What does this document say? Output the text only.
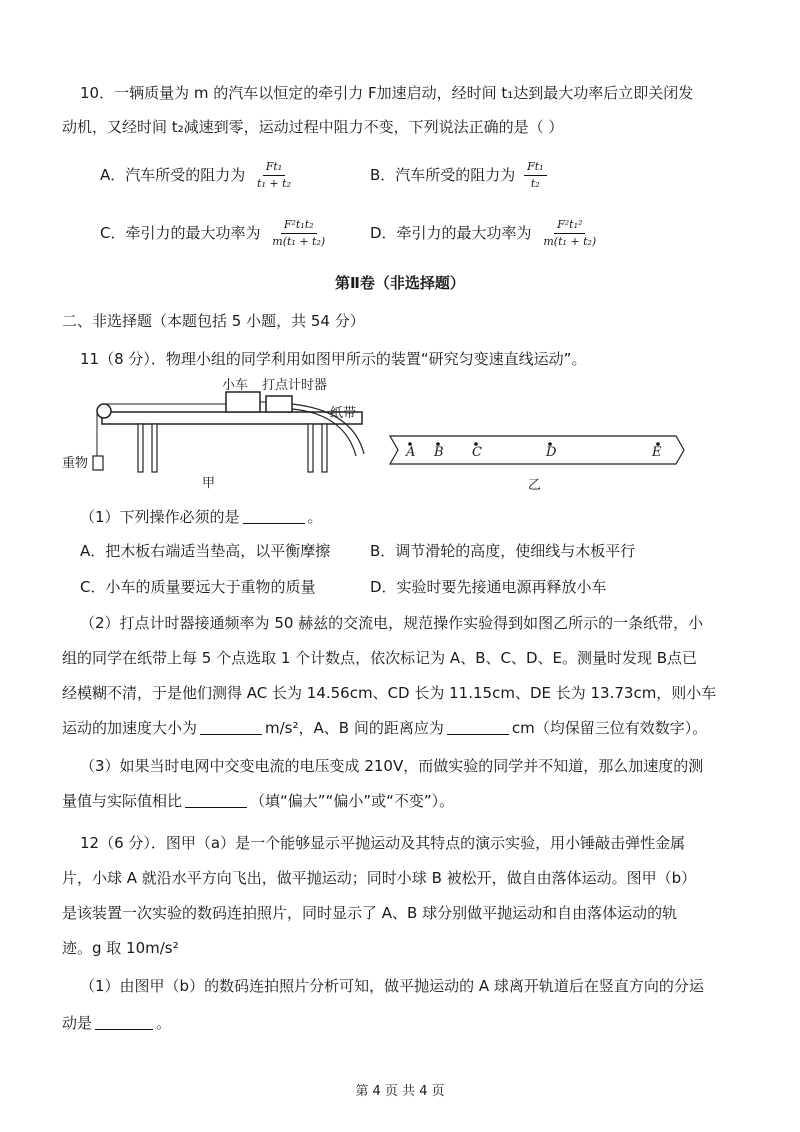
10．一辆质量为 m 的汽车以恒定的牵引力 F加速启动，经时间 t₁达到最大功率后立即关闭发
动机，又经时间 t₂减速到零，运动过程中阻力不变，下列说法正确的是（ ）
A．汽车所受的阻力为 $\frac{\text{Ft₁}}{\text{t₁ + t₂}}$	B．汽车所受的阻力为 $\frac{\text{Ft₁}}{\text{t₂}}$
C．牵引力的最大功率为 $\frac{\text{F²t₁t₂}}{\text{m(t₁ + t₂)}}$	D．牵引力的最大功率为 $\frac{\text{F²t₁²}}{\text{m(t₁ + t₂)}}$
第Ⅱ卷（非选择题）
二、非选择题（本题包括 5 小题，共 54 分）
11（8 分）．物理小组的同学利用如图甲所示的装置“研究匀变速直线运动”。
小车 打点计时器
纸带
重物
甲
A B C	D	E
乙
（1）下列操作必须的是	。
A．把木板右端适当垫高，以平衡摩擦	B．调节滑轮的高度，使细线与木板平行
C．小车的质量要远大于重物的质量	D．实验时要先接通电源再释放小车
（2）打点计时器接通频率为 50 赫兹的交流电，规范操作实验得到如图乙所示的一条纸带，小
组的同学在纸带上每 5 个点选取 1 个计数点，依次标记为 A、B、C、D、E。测量时发现 B点已
经模糊不清，于是他们测得 AC 长为 14.56cm、CD 长为 11.15cm、DE 长为 13.73cm，则小车
运动的加速度大小为	m/s²，A、B 间的距离应为	cm（均保留三位有效数字）。
（3）如果当时电网中交变电流的电压变成 210V，而做实验的同学并不知道，那么加速度的测
量值与实际值相比	（填“偏大”“偏小”或“不变”）。
12（6 分）．图甲（a）是一个能够显示平抛运动及其特点的演示实验，用小锤敲击弹性金属
片，小球 A 就沿水平方向飞出，做平抛运动；同时小球 B 被松开，做自由落体运动。图甲（b）
是该装置一次实验的数码连拍照片，同时显示了 A、B 球分别做平抛运动和自由落体运动的轨
迹。g 取 10m/s²
（1）由图甲（b）的数码连拍照片分析可知，做平抛运动的 A 球离开轨道后在竖直方向的分运
动是	。
第 4 页 共 4 页
